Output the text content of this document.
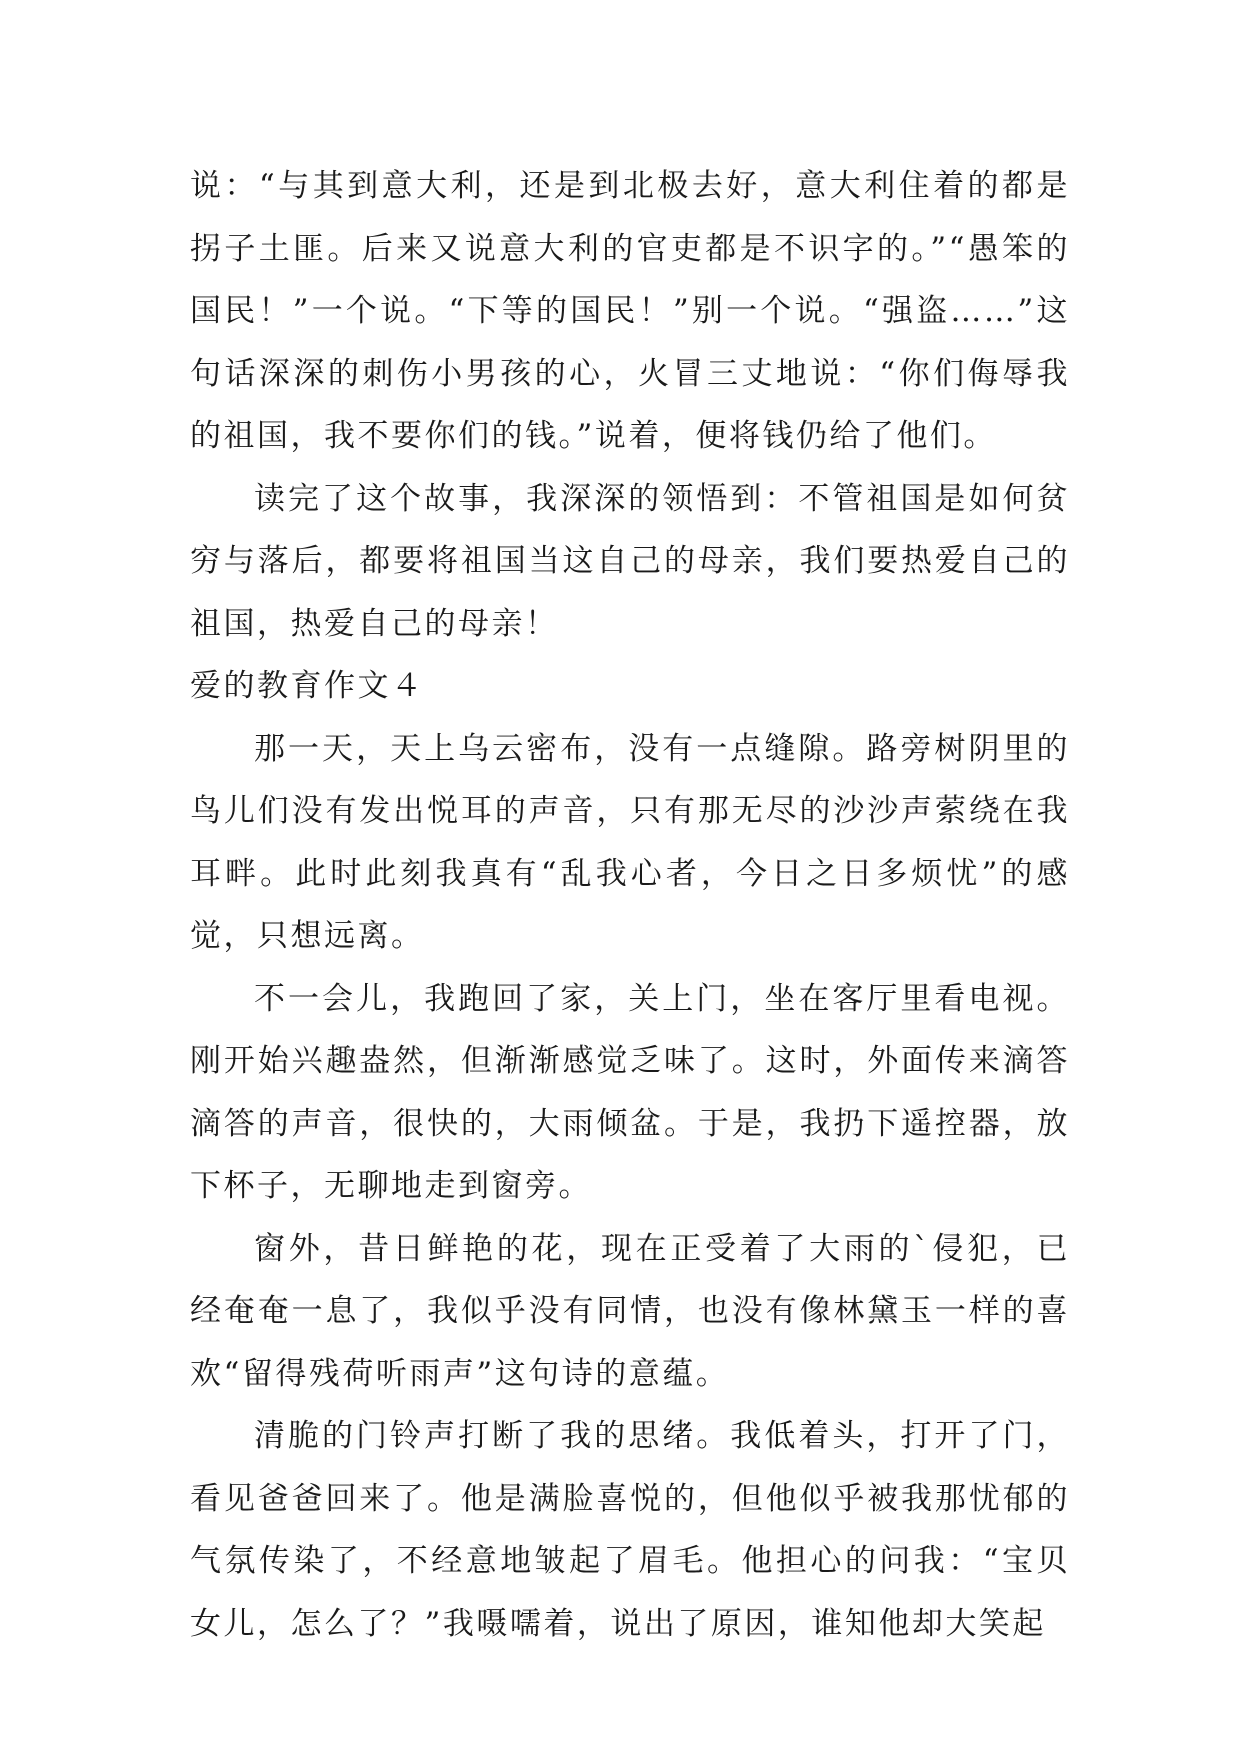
说：“与其到意大利，还是到北极去好，意大利住着的都是拐子土匪。后来又说意大利的官吏都是不识字的。”“愚笨的国民！”一个说。“下等的国民！”别一个说。“强盗……”这句话深深的刺伤小男孩的心，火冒三丈地说：“你们侮辱我的祖国，我不要你们的钱。”说着，便将钱仍给了他们。

读完了这个故事，我深深的领悟到：不管祖国是如何贫穷与落后，都要将祖国当这自己的母亲，我们要热爱自己的祖国，热爱自己的母亲！

爱的教育作文４

那一天，天上乌云密布，没有一点缝隙。路旁树阴里的鸟儿们没有发出悦耳的声音，只有那无尽的沙沙声萦绕在我耳畔。此时此刻我真有“乱我心者，今日之日多烦忧”的感觉，只想远离。

不一会儿，我跑回了家，关上门，坐在客厅里看电视。刚开始兴趣盎然，但渐渐感觉乏味了。这时，外面传来滴答滴答的声音，很快的，大雨倾盆。于是，我扔下遥控器，放下杯子，无聊地走到窗旁。

窗外，昔日鲜艳的花，现在正受着了大雨的`侵犯，已经奄奄一息了，我似乎没有同情，也没有像林黛玉一样的喜欢“留得残荷听雨声”这句诗的意蕴。

清脆的门铃声打断了我的思绪。我低着头，打开了门，看见爸爸回来了。他是满脸喜悦的，但他似乎被我那忧郁的气氛传染了，不经意地皱起了眉毛。他担心的问我：“宝贝女儿，怎么了？”我嗫嚅着，说出了原因，谁知他却大笑起
